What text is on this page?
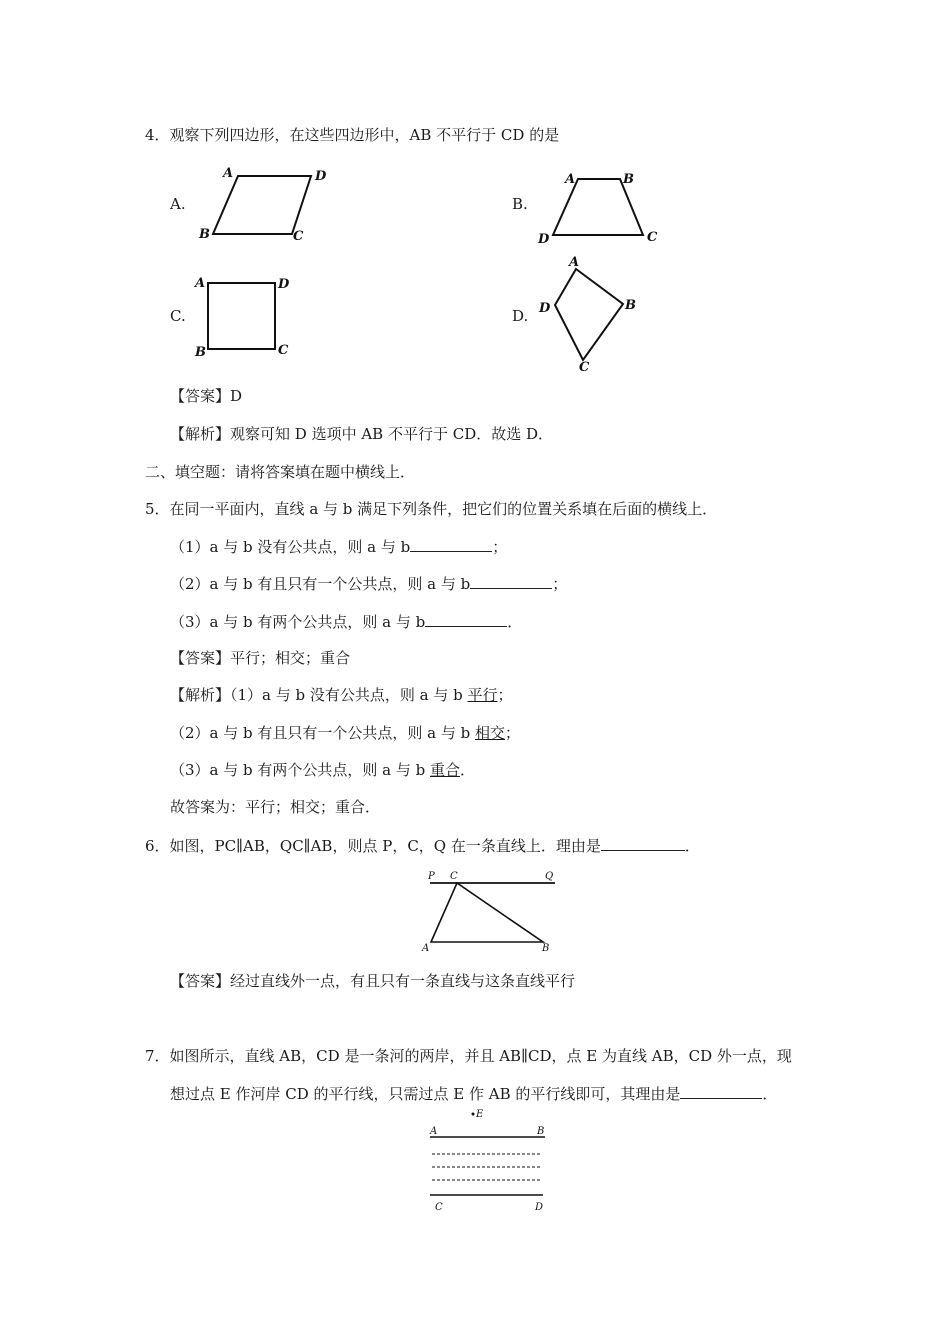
4．观察下列四边形，在这些四边形中，AB 不平行于 CD 的是
A.
A	D
B	C
B.
A	B
D	C
C.
A	D
B	C
D.
A
D	B
C
【答案】D
【解析】观察可知 D 选项中 AB 不平行于 CD．故选 D．
二、填空题：请将答案填在题中横线上．
5．在同一平面内，直线 a 与 b 满足下列条件，把它们的位置关系填在后面的横线上．
（1）a 与 b 没有公共点，则 a 与 b	；
（2）a 与 b 有且只有一个公共点，则 a 与 b	；
（3）a 与 b 有两个公共点，则 a 与 b	．
【答案】平行；相交；重合
【解析】（1）a 与 b 没有公共点，则 a 与 b 平行；
（2）a 与 b 有且只有一个公共点，则 a 与 b 相交；
（3）a 与 b 有两个公共点，则 a 与 b 重合．
故答案为：平行；相交；重合．
6．如图，PC∥AB，QC∥AB，则点 P，C，Q 在一条直线上．理由是	．
P C	Q
A	B
【答案】经过直线外一点，有且只有一条直线与这条直线平行
7．如图所示，直线 AB，CD 是一条河的两岸，并且 AB∥CD，点 E 为直线 AB，CD 外一点，现
想过点 E 作河岸 CD 的平行线，只需过点 E 作 AB 的平行线即可，其理由是	．
E
A	B
C	D
